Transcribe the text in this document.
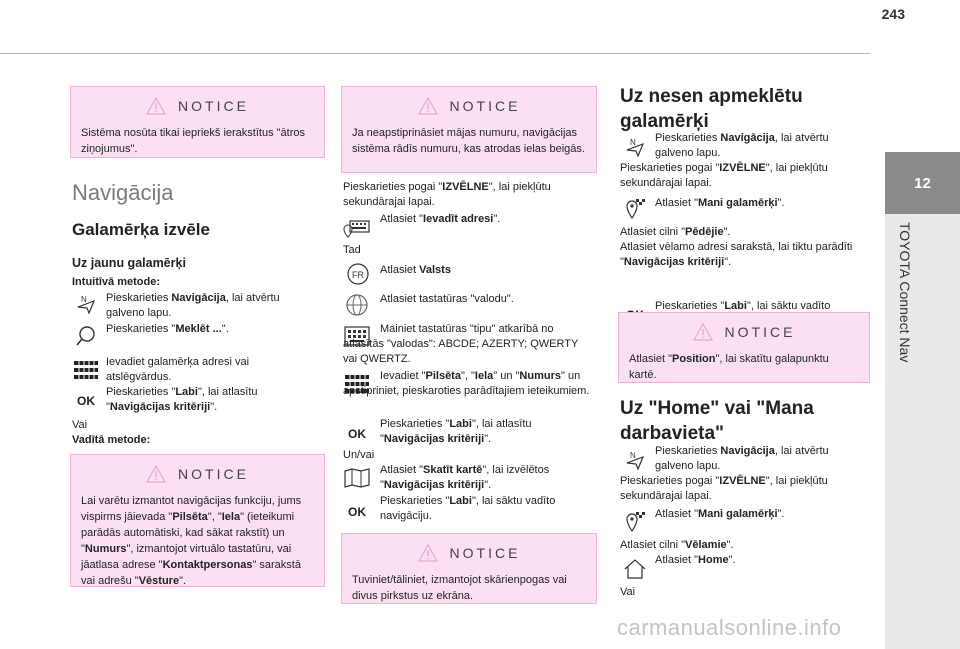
243
12
TOYOTA Connect Nav
NOTICE
Sistēma nosūta tikai iepriekš ierakstītus "ātros ziņojumus".
Navigācija
Galamērķa izvēle
Uz jaunu galamērķi
Intuitīvā metode:
N Pieskarieties Navigācija, lai atvērtu galveno lapu.
Pieskarieties "Meklēt ...".
Ievadiet galamērķa adresi vai atslēgvārdus.
OK
Pieskarieties "Labi", lai atlasītu "Navigācijas kritēriji".
Vai
Vadītā metode:
NOTICE
Lai varētu izmantot navigācijas funkciju, jums vispirms jāievada "Pilsēta", "Iela" (ieteikumi parādās automātiski, kad sākat rakstīt) un "Numurs", izmantojot virtuālo tastatūru, vai jāatlasa adrese "Kontaktpersonas" sarakstā vai adrešu "Vēsture".
NOTICE
Ja neapstiprināsiet mājas numuru, navigācijas sistēma rādīs numuru, kas atrodas ielas beigās.
Pieskarieties pogai "IZVĒLNE", lai piekļūtu sekundārajai lapai.
Atlasiet "Ievadīt adresi".
Tad
FR Atlasiet Valsts
Atlasiet tastatūras "valodu".
Mainiet tastatūras "tipu" atkarībā no atlasītās "valodas": ABCDE; AZERTY; QWERTY vai QWERTZ.
Ievadiet "Pilsēta", "Iela" un "Numurs" un apstipriniet, pieskaroties parādītajiem ieteikumiem.
OK
Pieskarieties "Labi", lai atlasītu "Navigācijas kritēriji".
Un/vai
Atlasiet "Skatīt kartē", lai izvēlētos "Navigācijas kritēriji".
OK
Pieskarieties "Labi", lai sāktu vadīto navigāciju.
NOTICE
Tuviniet/tāliniet, izmantojot skārienpogas vai divus pirkstus uz ekrāna.
Uz nesen apmeklētu galamērķi
N Pieskarieties Navigācija, lai atvērtu galveno lapu.
Pieskarieties pogai "IZVĒLNE", lai piekļūtu sekundārajai lapai.
Atlasiet "Mani galamērķi".
Atlasiet cilni "Pēdējie".
Atlasiet vēlamo adresi sarakstā, lai tiktu parādīti "Navigācijas kritēriji".
Pieskarieties "Labi", lai sāktu vadīto
NOTICE
Atlasiet "Position", lai skatītu galapunktu kartē.
Uz "Home" vai "Mana darbavieta"
N Pieskarieties Navigācija, lai atvērtu galveno lapu.
Pieskarieties pogai "IZVĒLNE", lai piekļūtu sekundārajai lapai.
Atlasiet "Mani galamērķi".
Atlasiet cilni "Vēlamie".
Atlasiet "Home".
Vai
carmanualsonline.info
